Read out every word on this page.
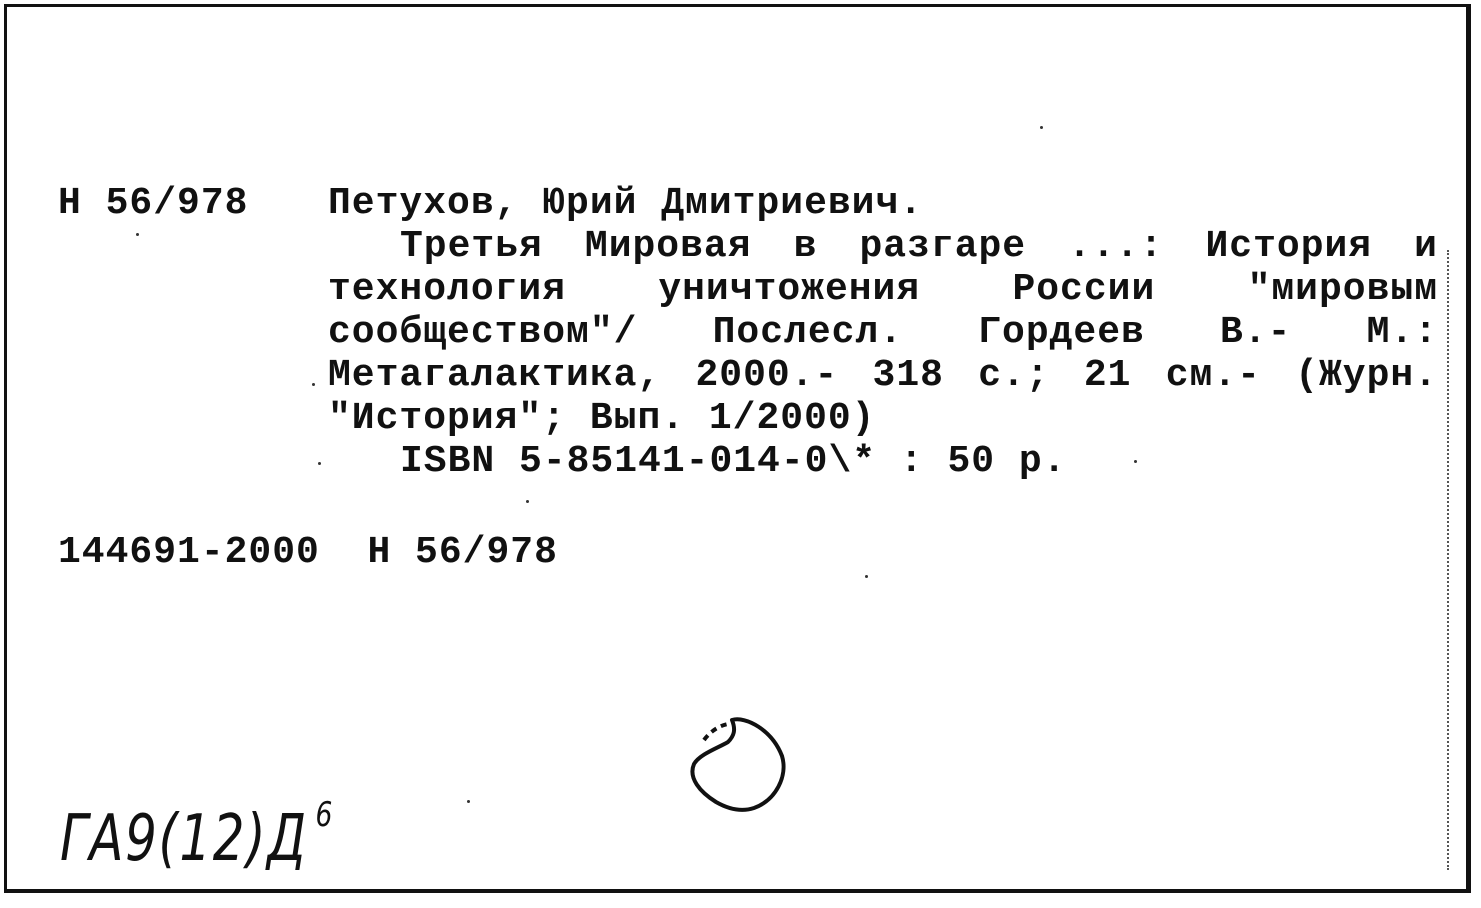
Н 56/978 Петухов, Юрий Дмитриевич.
Третья Мировая в разгаре ...: История и
технология уничтожения России "мировым
сообществом"/ Послесл. Гордеев В.- М.:
Метагалактика, 2000.- 318 с.; 21 см.- (Журн.
"История"; Вып. 1/2000)
ISBN 5-85141-014-0\* : 50 р.
144691-2000  Н 56/978
ГА9(12)Д $^6$
